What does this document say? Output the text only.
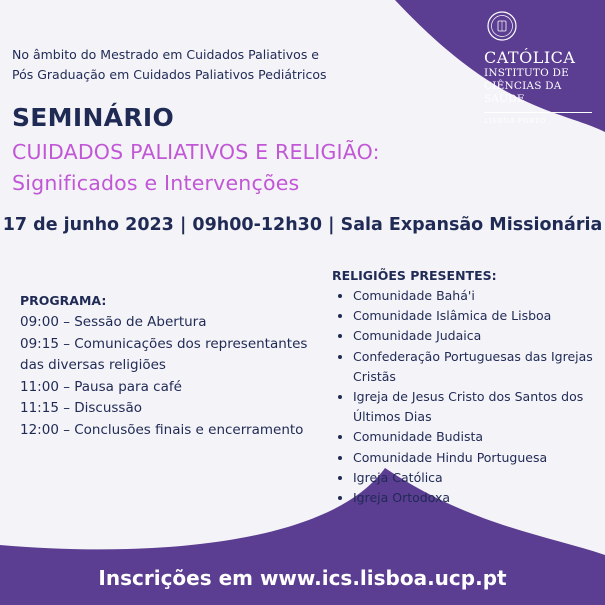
CATÓLICA
INSTITUTO DE
CIÊNCIAS DA SAÚDE
LISBOA·PORTO
No âmbito do Mestrado em Cuidados Paliativos e
Pós Graduação em Cuidados Paliativos Pediátricos
SEMINÁRIO
CUIDADOS PALIATIVOS E RELIGIÃO:
Significados e Intervenções
17 de junho 2023 | 09h00-12h30 | Sala Expansão Missionária
PROGRAMA:
09:00 – Sessão de Abertura
09:15 – Comunicações dos representantes das diversas religiões
11:00 – Pausa para café
11:15 – Discussão
12:00 – Conclusões finais e encerramento
RELIGIÕES PRESENTES:
• Comunidade Bahá'i
• Comunidade Islâmica de Lisboa
• Comunidade Judaica
• Confederação Portuguesas das Igrejas Cristãs
• Igreja de Jesus Cristo dos Santos dos Últimos Dias
• Comunidade Budista
• Comunidade Hindu Portuguesa
• Igreja Católica
• Igreja Ortodoxa
Inscrições em www.ics.lisboa.ucp.pt
